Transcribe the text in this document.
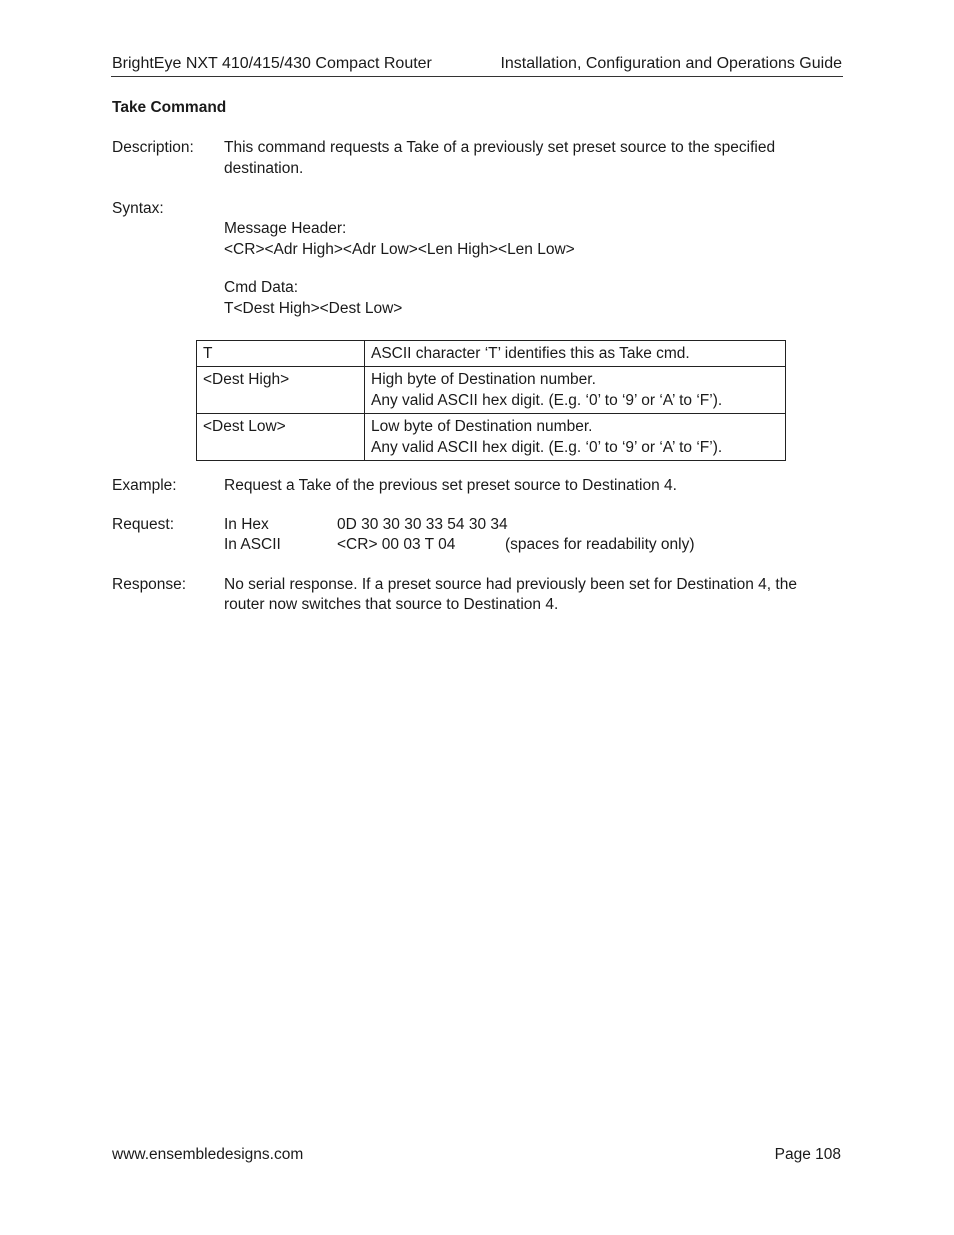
BrightEye NXT 410/415/430 Compact Router	Installation, Configuration and Operations Guide
Take Command
Description: This command requests a Take of a previously set preset source to the specified
destination.
Syntax:
Message Header:
<CR><Adr High><Adr Low><Len High><Len Low>
Cmd Data:
T<Dest High><Dest Low>
T	ASCII character ‘T’ identifies this as Take cmd.

<Dest High>	High byte of Destination number.
Any valid ASCII hex digit. (E.g. ‘0’ to ‘9’ or ‘A’ to ‘F’).

<Dest Low>	Low byte of Destination number.
Any valid ASCII hex digit. (E.g. ‘0’ to ‘9’ or ‘A’ to ‘F’).
Example:	Request a Take of the previous set preset source to Destination 4.
Request:	In Hex	0D 30 30 30 33 54 30 34
In ASCII	<CR> 00 03 T 04	(spaces for readability only)
Response: No serial response. If a preset source had previously been set for Destination 4, the
router now switches that source to Destination 4.
www.ensembledesigns.com	Page 108
